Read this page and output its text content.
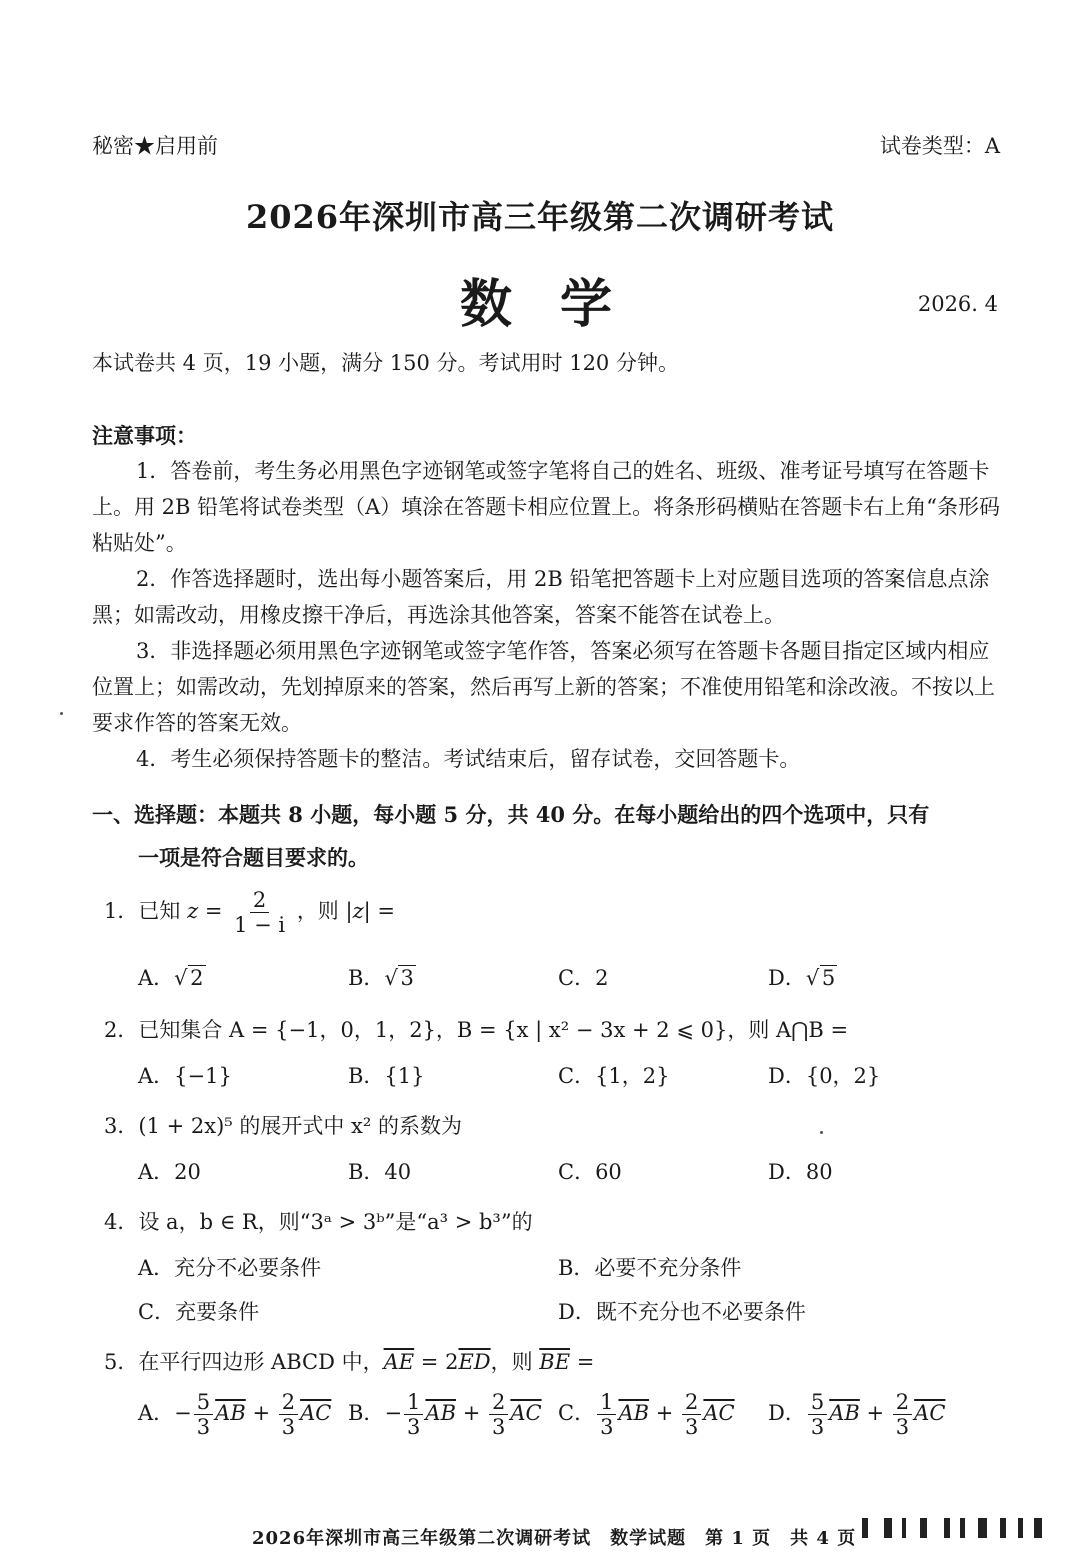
秘密★启用前	试卷类型：A
2026年深圳市高三年级第二次调研考试
数学	2026. 4
本试卷共 4 页，19 小题，满分 150 分。考试用时 120 分钟。
注意事项：
1．答卷前，考生务必用黑色字迹钢笔或签字笔将自己的姓名、班级、准考证号填写在答题卡上。用 2B 铅笔将试卷类型（A）填涂在答题卡相应位置上。将条形码横贴在答题卡右上角“条形码粘贴处”。
2．作答选择题时，选出每小题答案后，用 2B 铅笔把答题卡上对应题目选项的答案信息点涂黑；如需改动，用橡皮擦干净后，再选涂其他答案，答案不能答在试卷上。
3．非选择题必须用黑色字迹钢笔或签字笔作答，答案必须写在答题卡各题目指定区域内相应位置上；如需改动，先划掉原来的答案，然后再写上新的答案；不准使用铅笔和涂改液。不按以上要求作答的答案无效。
4．考生必须保持答题卡的整洁。考试结束后，留存试卷，交回答题卡。
一、选择题：本题共 8 小题，每小题 5 分，共 40 分。在每小题给出的四个选项中，只有
一项是符合题目要求的。
1．已知 $z = \frac{2}{1 - i}$ ，则 |z| =
A． √ 2	B． √ 3	C．2	D． √ 5
2．已知集合 A = {−1，0，1，2}，B = {x | x² − 3x + 2 ⩽ 0}，则 A⋂B =
A．{−1}	B．{1}	C．{1，2}	D．{0，2}
3．(1 + 2x)⁵ 的展开式中 x² 的系数为
A．20	B．40	C．60	D．80
4．设 a，b ∈ R，则“3ᵃ > 3ᵇ”是“a³ > b³”的
A．充分不必要条件	B．必要不充分条件
C．充要条件	D．既不充分也不必要条件
5．在平行四边形 ABCD 中，$\overline{AE} = 2\overline{ED}$，则 $\overline{BE}$ =
A．− $\frac{5}{3} \overline{AB} + \frac{2}{3} \overline{AC}$ B．− $\frac{1}{3} \overline{AB} + \frac{2}{3} \overline{AC}$ C． $\frac{1}{3} \overline{AB} + \frac{2}{3} \overline{AC}$ D． $\frac{5}{3} \overline{AB} + \frac{2}{3} \overline{AC}$
2026年深圳市高三年级第二次调研考试　数学试题　第 1 页　共 4 页
